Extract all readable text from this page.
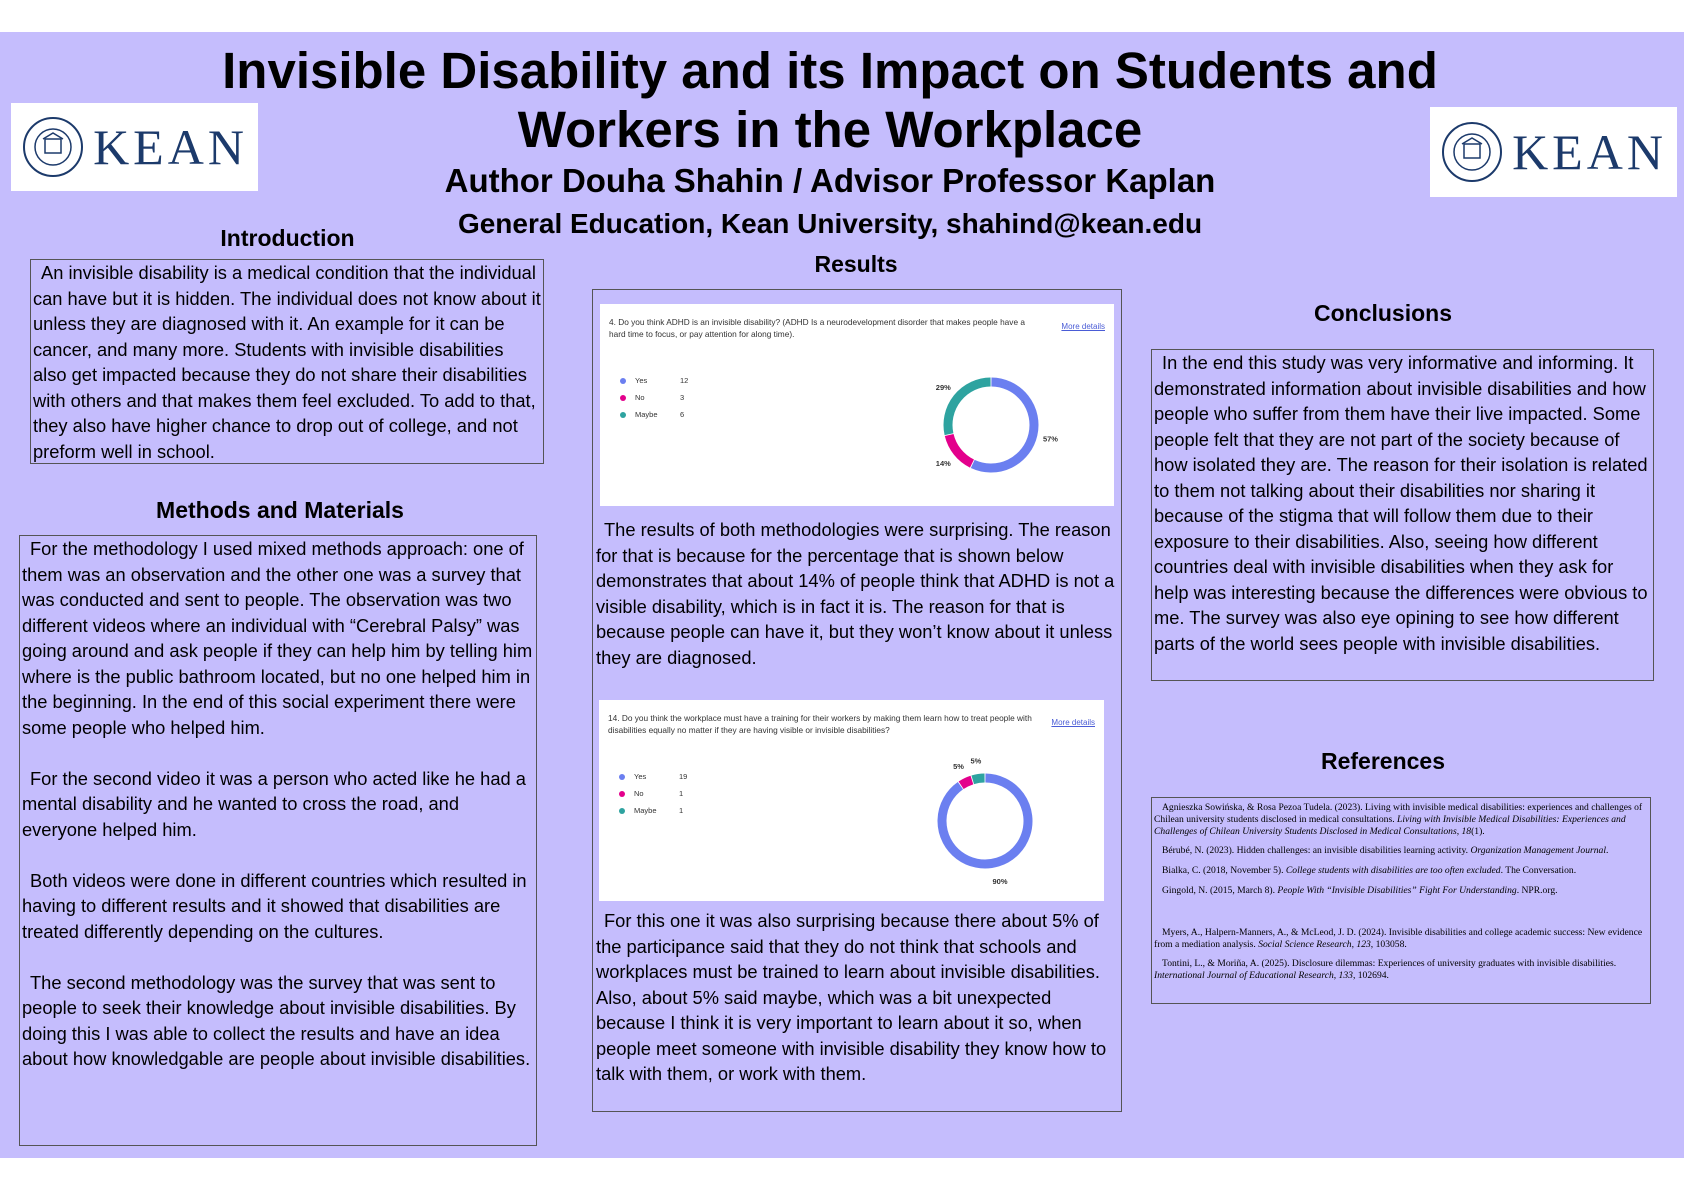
Invisible Disability and its Impact on Students and
Workers in the Workplace
Author Douha Shahin / Advisor Professor Kaplan
General Education, Kean University, shahind@kean.edu
KEAN	KEAN
Introduction

An invisible disability is a medical condition that the individual can have but it is hidden. The individual does not know about it unless they are diagnosed with it. An example for it can be cancer, and many more. Students with invisible disabilities also get impacted because they do not share their disabilities with others and that makes them feel excluded. To add to that, they also have higher chance to drop out of college, and not preform well in school.

Methods and Materials

For the methodology I used mixed methods approach: one of them was an observation and the other one was a survey that was conducted and sent to people. The observation was two different videos where an individual with “Cerebral Palsy” was going around and ask people if they can help him by telling him where is the public bathroom located, but no one helped him in the beginning. In the end of this social experiment there were some people who helped him.

For the second video it was a person who acted like he had a mental disability and he wanted to cross the road, and everyone helped him.

Both videos were done in different countries which resulted in having to different results and it showed that disabilities are treated differently depending on the cultures.

The second methodology was the survey that was sent to people to seek their knowledge about invisible disabilities. By doing this I was able to collect the results and have an idea about how knowledgable are people about invisible disabilities.

Results
4. Do you think ADHD is an invisible disability? (ADHD Is a neurodevelopment disorder that makes people have a hard time to focus, or pay attention for along time).
More details
Yes	12
No	3
Maybe	6
57%
14%
29%

The results of both methodologies were surprising. The reason for that is because for the percentage that is shown below demonstrates that about 14% of people think that ADHD is not a visible disability, which is in fact it is. The reason for that is because people can have it, but they won’t know about it unless they are diagnosed.

14. Do you think the workplace must have a training for their workers by making them learn how to treat people with disabilities equally no matter if they are having visible or invisible disabilities?
More details
Yes	19
No	1
Maybe	1
90%
5%
5%

For this one it was also surprising because there about 5% of the participance said that they do not think that schools and workplaces must be trained to learn about invisible disabilities. Also, about 5% said maybe, which was a bit unexpected because I think it is very important to learn about it so, when people meet someone with invisible disability they know how to talk with them, or work with them.

Conclusions

In the end this study was very informative and informing. It demonstrated information about invisible disabilities and how people who suffer from them have their live impacted. Some people felt that they are not part of the society because of how isolated they are. The reason for their isolation is related to them not talking about their disabilities nor sharing it because of the stigma that will follow them due to their exposure to their disabilities. Also, seeing how different countries deal with invisible disabilities when they ask for help was interesting because the differences were obvious to me. The survey was also eye opining to see how different parts of the world sees people with invisible disabilities.

References

Agnieszka Sowińska, & Rosa Pezoa Tudela. (2023). Living with invisible medical disabilities: experiences and challenges of Chilean university students disclosed in medical consultations. Living with Invisible Medical Disabilities: Experiences and Challenges of Chilean University Students Disclosed in Medical Consultations, 18(1).

Bérubé, N. (2023). Hidden challenges: an invisible disabilities learning activity. Organization Management Journal.

Bialka, C. (2018, November 5). College students with disabilities are too often excluded. The Conversation.

Gingold, N. (2015, March 8). People With “Invisible Disabilities” Fight For Understanding. NPR.org.

Myers, A., Halpern-Manners, A., & McLeod, J. D. (2024). Invisible disabilities and college academic success: New evidence from a mediation analysis. Social Science Research, 123, 103058.

Tontini, L., & Moriña, A. (2025). Disclosure dilemmas: Experiences of university graduates with invisible disabilities. International Journal of Educational Research, 133, 102694.
